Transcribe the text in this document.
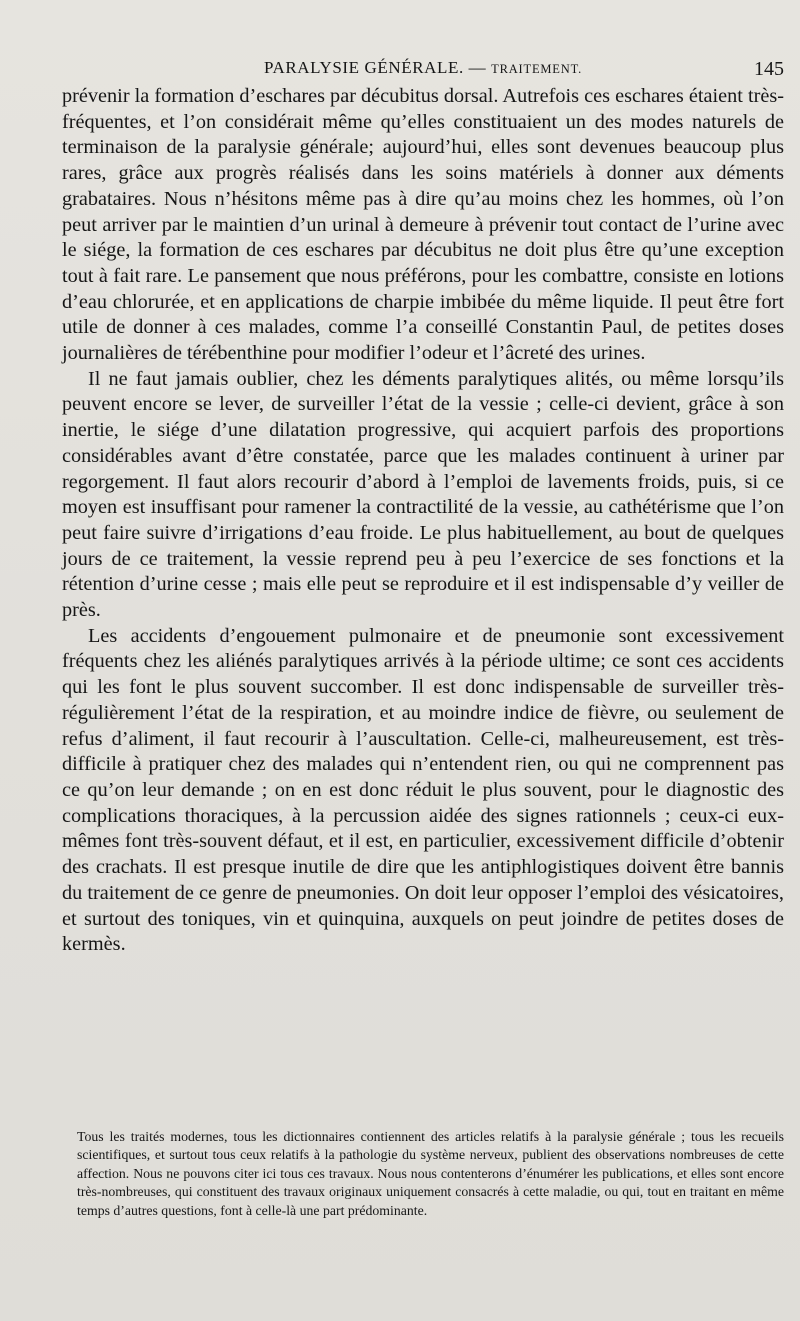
PARALYSIE GÉNÉRALE. — TRAITEMENT.	145

prévenir la formation d’eschares par décubitus dorsal. Autrefois ces eschares étaient très-fréquentes, et l’on considérait même qu’elles constituaient un des modes naturels de terminaison de la paralysie générale; aujourd’hui, elles sont devenues beaucoup plus rares, grâce aux progrès réalisés dans les soins matériels à donner aux déments grabataires. Nous n’hésitons même pas à dire qu’au moins chez les hommes, où l’on peut arriver par le maintien d’un urinal à demeure à prévenir tout contact de l’urine avec le siége, la formation de ces eschares par décubitus ne doit plus être qu’une exception tout à fait rare. Le pansement que nous préférons, pour les combattre, consiste en lotions d’eau chlorurée, et en applications de charpie imbibée du même liquide. Il peut être fort utile de donner à ces malades, comme l’a conseillé Constantin Paul, de petites doses journalières de térébenthine pour modifier l’odeur et l’âcreté des urines.

Il ne faut jamais oublier, chez les déments paralytiques alités, ou même lorsqu’ils peuvent encore se lever, de surveiller l’état de la vessie ; celle-ci devient, grâce à son inertie, le siége d’une dilatation progressive, qui acquiert parfois des proportions considérables avant d’être constatée, parce que les malades continuent à uriner par regorgement. Il faut alors recourir d’abord à l’emploi de lavements froids, puis, si ce moyen est insuffisant pour ramener la contractilité de la vessie, au cathétérisme que l’on peut faire suivre d’irrigations d’eau froide. Le plus habituellement, au bout de quelques jours de ce traitement, la vessie reprend peu à peu l’exercice de ses fonctions et la rétention d’urine cesse ; mais elle peut se reproduire et il est indispensable d’y veiller de près.

Les accidents d’engouement pulmonaire et de pneumonie sont excessivement fréquents chez les aliénés paralytiques arrivés à la période ultime; ce sont ces accidents qui les font le plus souvent succomber. Il est donc indispensable de surveiller très-régulièrement l’état de la respiration, et au moindre indice de fièvre, ou seulement de refus d’aliment, il faut recourir à l’auscultation. Celle-ci, malheureusement, est très-difficile à pratiquer chez des malades qui n’entendent rien, ou qui ne comprennent pas ce qu’on leur demande ; on en est donc réduit le plus souvent, pour le diagnostic des complications thoraciques, à la percussion aidée des signes rationnels ; ceux-ci eux-mêmes font très-souvent défaut, et il est, en particulier, excessivement difficile d’obtenir des crachats. Il est presque inutile de dire que les antiphlogistiques doivent être bannis du traitement de ce genre de pneumonies. On doit leur opposer l’emploi des vésicatoires, et surtout des toniques, vin et quinquina, auxquels on peut joindre de petites doses de kermès.

Tous les traités modernes, tous les dictionnaires contiennent des articles relatifs à la paralysie générale ; tous les recueils scientifiques, et surtout tous ceux relatifs à la pathologie du système nerveux, publient des observations nombreuses de cette affection. Nous ne pouvons citer ici tous ces travaux. Nous nous contenterons d’énumérer les publications, et elles sont encore très-nombreuses, qui constituent des travaux originaux uniquement consacrés à cette maladie, ou qui, tout en traitant en même temps d’autres questions, font à celle-là une part prédominante.
